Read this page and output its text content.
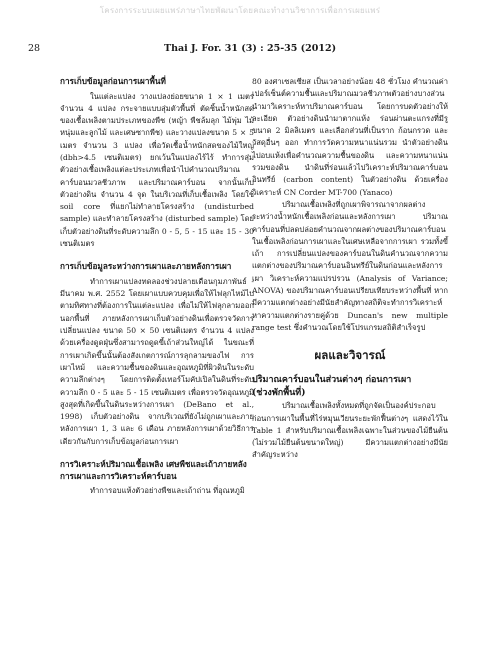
โครงการระบบเผยแพร่ภาษาไทยพัฒนาโดยคณะทำงานวิชาการเพื่อการเผยแพร่
28	Thai J. For. 31 (3) : 25-35 (2012)
การเก็บข้อมูลก่อนการเผาพื้นที่

ในแต่ละแปลง วางแปลงย่อยขนาด 1 × 1 เมตร จำนวน 4 แปลง กระจายแบบสุ่มตัวพื้นที่ ตัดชิ้นน้ำหนักสดของเชื้อเพลิงตามประเภทของพืช (หญ้า พืชล้มลุก ไม้พุ่ม ไม้หนุ่มและลูกไม้ และเศษซากพืช) และวางแปลงขนาด 5 × 5 เมตร จำนวน 3 แปลง เพื่อวัดเชื้อน้ำหนักสดของไม้ใหญ่ (dbh>4.5 เซนติเมตร) ยกเว้นในแปลงไร้ไร้ ทำการสุ่มตัวอย่างเชื้อเพลิงแต่ละประเภทเพื่อนำไปคำนวณปริมาณคาร์บอนมวลชีวภาพ และปริมาณคาร์บอน จากนั้นเก็บตัวอย่างดิน จำนวน 4 จุด ในบริเวณที่เก็บเชื้อเพลิง โดยใช้ soil core ที่แยกไม่ทำลายโครงสร้าง (undisturbed sample) และทำลายโครงสร้าง (disturbed sample) โดยเก็บตัวอย่างดินที่ระดับความลึก 0 - 5, 5 - 15 และ 15 - 30 เซนติเมตร

การเก็บข้อมูลระหว่างการเผาและภายหลังการเผา

ทำการเผาแปลงทดลองช่วงปลายเดือนกุมภาพันธ์ - มีนาคม พ.ศ. 2552 โดยเผาแบบควบคุมเพื่อให้ไฟลุกไหม้ไปตามทิศทางที่ต้องการในแต่ละแปลง เพื่อไม่ให้ไฟลุกลามออกนอกพื้นที่ ภายหลังการเผาเก็บตัวอย่างดินเพื่อตรวจวัดการเปลี่ยนแปลง ขนาด 50 × 50 เซนติเมตร จำนวน 4 แปลง ด้วยเครื่องดูดฝุ่นซึ่งสามารถดูดขี้เถ้าส่วนใหญ่ได้ ในขณะที่การเผาเกิดขึ้นนั้นต้องสังเกตการณ์การลุกลามของไฟ การเผาไหม้ และความชื้นของดินและอุณหภูมิที่ผิวดินในระดับความลึกต่างๆ โดยการติดตั้งเทอร์โมคัปเปิลในดินที่ระดับความลึก 0 - 5 และ 5 - 15 เซนติเมตร เพื่อตรวจวัดอุณหภูมิสูงสุดที่เกิดขึ้นในดินระหว่างการเผา (DeBano et al., 1998) เก็บตัวอย่างดิน จากบริเวณที่ยังไม่ถูกเผาและภายหลังการเผา 1, 3 และ 6 เดือน ภายหลังการเผาด้วยวิธีการเดียวกันกับการเก็บข้อมูลก่อนการเผา

การวิเคราะห์ปริมาณเชื้อเพลิง เศษพืชและเถ้าภายหลังการเผาและการวิเคราะห์คาร์บอน

ทำการอบแห้งตัวอย่างพืชและเถ้าถ่าน ที่อุณหภูมิ

80 องศาเซลเซียส เป็นเวลาอย่างน้อย 48 ชั่วโมง คำนวณค่าเปอร์เซ็นต์ความชื้นและปริมาณมวลชีวภาพตัวอย่างบางส่วนนำมาวิเคราะห์หาปริมาณคาร์บอน โดยการบดตัวอย่างให้ละเอียด ตัวอย่างดินนำมาตากแห้ง ร่อนผ่านตะแกรงที่มีรูขนาด 2 มิลลิเมตร และเลือกส่วนที่เป็นราก ก้อนกรวด และวัสดุอื่นๆ ออก ทำการวัดความหนาแน่นรวม นำตัวอย่างดินไปอบแห้งเพื่อคำนวณความชื้นของดิน และความหนาแน่นรวมของดิน นำดินที่ร่อนแล้วไปวิเคราะห์ปริมาณคาร์บอนอินทรีย์ (carbon content) ในตัวอย่างดิน ด้วยเครื่องวิเคราะห์ CN Corder MT-700 (Yanaco)

ปริมาณเชื้อเพลิงที่ถูกเผาพิจารณาจากผลต่างระหว่างน้ำหนักเชื้อเพลิงก่อนและหลังการเผา ปริมาณคาร์บอนที่ปลดปล่อยคำนวณจากผลต่างของปริมาณคาร์บอนในเชื้อเพลิงก่อนการเผาและในเศษเหลือจากการเผา รวมทั้งขี้เถ้า การเปลี่ยนแปลงของคาร์บอนในดินคำนวณจากความแตกต่างของปริมาณคาร์บอนอินทรีย์ในดินก่อนและหลังการเผา วิเคราะห์ความแปรปรวน (Analysis of Variance; ANOVA) ของปริมาณคาร์บอนเปรียบเทียบระหว่างพื้นที่ หากมีความแตกต่างอย่างมีนัยสำคัญทางสถิติจะทำการวิเคราะห์หาความแตกต่างรายคู่ด้วย Duncan's new multiple range test ซึ่งคำนวณโดยใช้โปรแกรมสถิติสำเร็จรูป

ผลและวิจารณ์
ปริมาณคาร์บอนในส่วนต่างๆ ก่อนการเผา
(ช่วงพักพื้นที่)

ปริมาณเชื้อเพลิงทั้งหมดที่ถูกจัดเป็นองค์ประกอบก่อนการเผาในพื้นที่ไร่หมุนเวียนระยะพักฟื้นต่างๆ แสดงไว้ใน Table 1 สำหรับปริมาณเชื้อเพลิงเฉพาะในส่วนของไม้ยืนต้น (ไม่รวมไม้ยืนต้นขนาดใหญ่) มีความแตกต่างอย่างมีนัยสำคัญระหว่าง
